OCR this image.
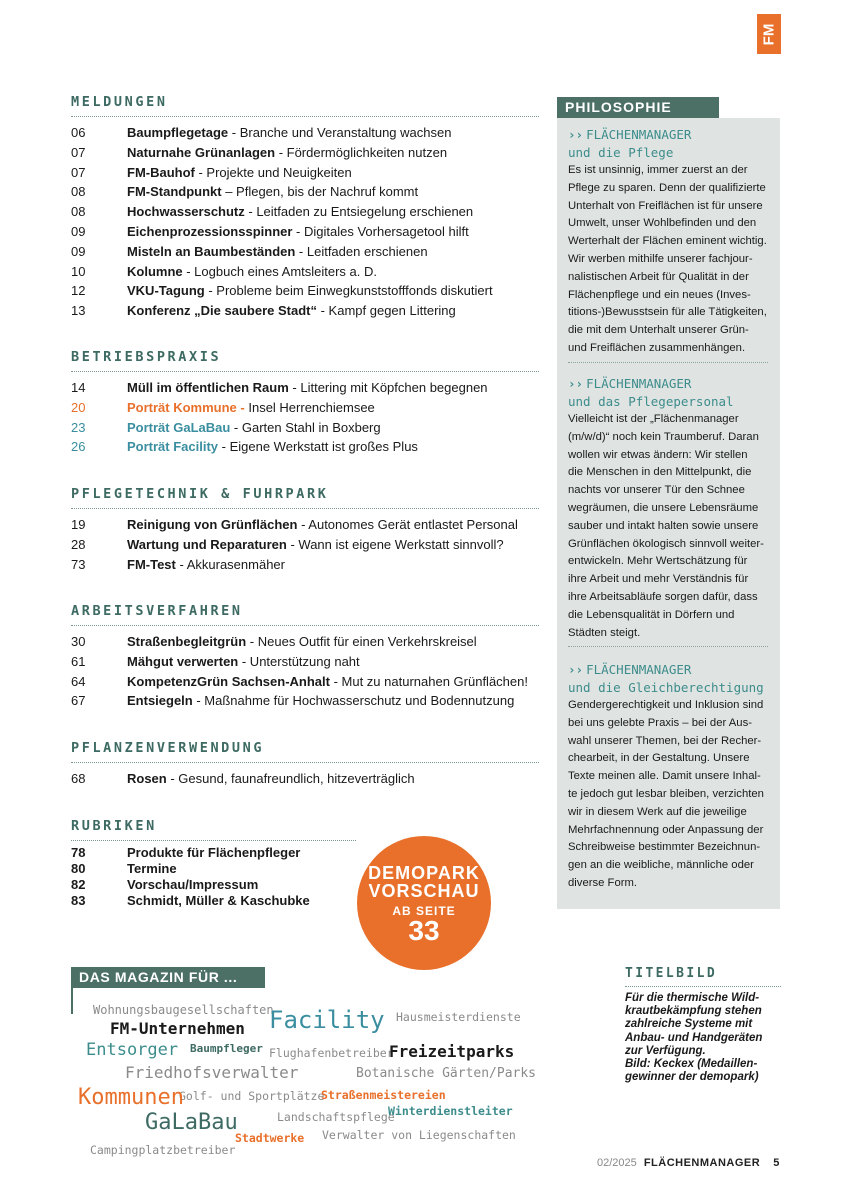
FM
MELDUNGEN
06	Baumpflegetage - Branche und Veranstaltung wachsen
07	Naturnahe Grünanlagen - Fördermöglichkeiten nutzen
07	FM-Bauhof - Projekte und Neuigkeiten
08	FM-Standpunkt – Pflegen, bis der Nachruf kommt
08	Hochwasserschutz - Leitfaden zu Entsiegelung erschienen
09	Eichenprozessionsspinner - Digitales Vorhersagetool hilft
09	Misteln an Baumbeständen - Leitfaden erschienen
10	Kolumne - Logbuch eines Amtsleiters a. D.
12	VKU-Tagung - Probleme beim Einwegkunststofffonds diskutiert
13	Konferenz „Die saubere Stadt“ - Kampf gegen Littering
BETRIEBSPRAXIS
14	Müll im öffentlichen Raum - Littering mit Köpfchen begegnen
20	Porträt Kommune - Insel Herrenchiemsee
23	Porträt GaLaBau - Garten Stahl in Boxberg
26	Porträt Facility - Eigene Werkstatt ist großes Plus
PFLEGETECHNIK & FUHRPARK
19	Reinigung von Grünflächen - Autonomes Gerät entlastet Personal
28	Wartung und Reparaturen - Wann ist eigene Werkstatt sinnvoll?
73	FM-Test - Akkurasenmäher
ARBEITSVERFAHREN
30	Straßenbegleitgrün - Neues Outfit für einen Verkehrskreisel
61	Mähgut verwerten - Unterstützung naht
64	KompetenzGrün Sachsen-Anhalt - Mut zu naturnahen Grünflächen!
67	Entsiegeln - Maßnahme für Hochwasserschutz und Bodennutzung
PFLANZENVERWENDUNG
68	Rosen - Gesund, faunafreundlich, hitzeverträglich
RUBRIKEN
78	Produkte für Flächenpfleger
80	Termine
82	Vorschau/Impressum
83	Schmidt, Müller & Kaschubke
DEMOPARK
VORSCHAU
AB SEITE
33
PHILOSOPHIE
›› FLÄCHENMANAGER
und die Pflege
Es ist unsinnig, immer zuerst an der
Pflege zu sparen. Denn der qualifizierte
Unterhalt von Freiflächen ist für unsere
Umwelt, unser Wohlbefinden und den
Werterhalt der Flächen eminent wichtig.
Wir werben mithilfe unserer fachjour-
nalistischen Arbeit für Qualität in der
Flächenpflege und ein neues (Inves-
titions-)Bewusstsein für alle Tätigkeiten,
die mit dem Unterhalt unserer Grün-
und Freiflächen zusammenhängen.
›› FLÄCHENMANAGER
und das Pflegepersonal
Vielleicht ist der „Flächenmanager
(m/w/d)“ noch kein Traumberuf. Daran
wollen wir etwas ändern: Wir stellen
die Menschen in den Mittelpunkt, die
nachts vor unserer Tür den Schnee
wegräumen, die unsere Lebensräume
sauber und intakt halten sowie unsere
Grünflächen ökologisch sinnvoll weiter-
entwickeln. Mehr Wertschätzung für
ihre Arbeit und mehr Verständnis für
ihre Arbeitsabläufe sorgen dafür, dass
die Lebensqualität in Dörfern und
Städten steigt.
›› FLÄCHENMANAGER
und die Gleichberechtigung
Gendergerechtigkeit und Inklusion sind
bei uns gelebte Praxis – bei der Aus-
wahl unserer Themen, bei der Recher-
chearbeit, in der Gestaltung. Unsere
Texte meinen alle. Damit unsere Inhal-
te jedoch gut lesbar bleiben, verzichten
wir in diesem Werk auf die jeweilige
Mehrfachnennung oder Anpassung der
Schreibweise bestimmter Bezeichnun-
gen an die weibliche, männliche oder
diverse Form.
DAS MAGAZIN FÜR ...
Wohnungsbaugesellschaften
FM-Unternehmen Facility Hausmeisterdienste
Entsorger Baumpfleger Flughafenbetreiber
Freizeitparks
Friedhofsverwalter	Botanische Gärten/Parks
Golf- und Sportplätze
Straßenmeistereien
Kommunen
Landschaftspflege
Winterdienstleiter
GaLaBau
Stadtwerke Verwalter von Liegenschaften
Campingplatzbetreiber
TITELBILD
Für die thermische Wild-
krautbekämpfung stehen
zahlreiche Systeme mit
Anbau- und Handgeräten
zur Verfügung.
Bild: Keckex (Medaillen-
gewinner der demopark)
02/2025 FLÄCHENMANAGER 5
